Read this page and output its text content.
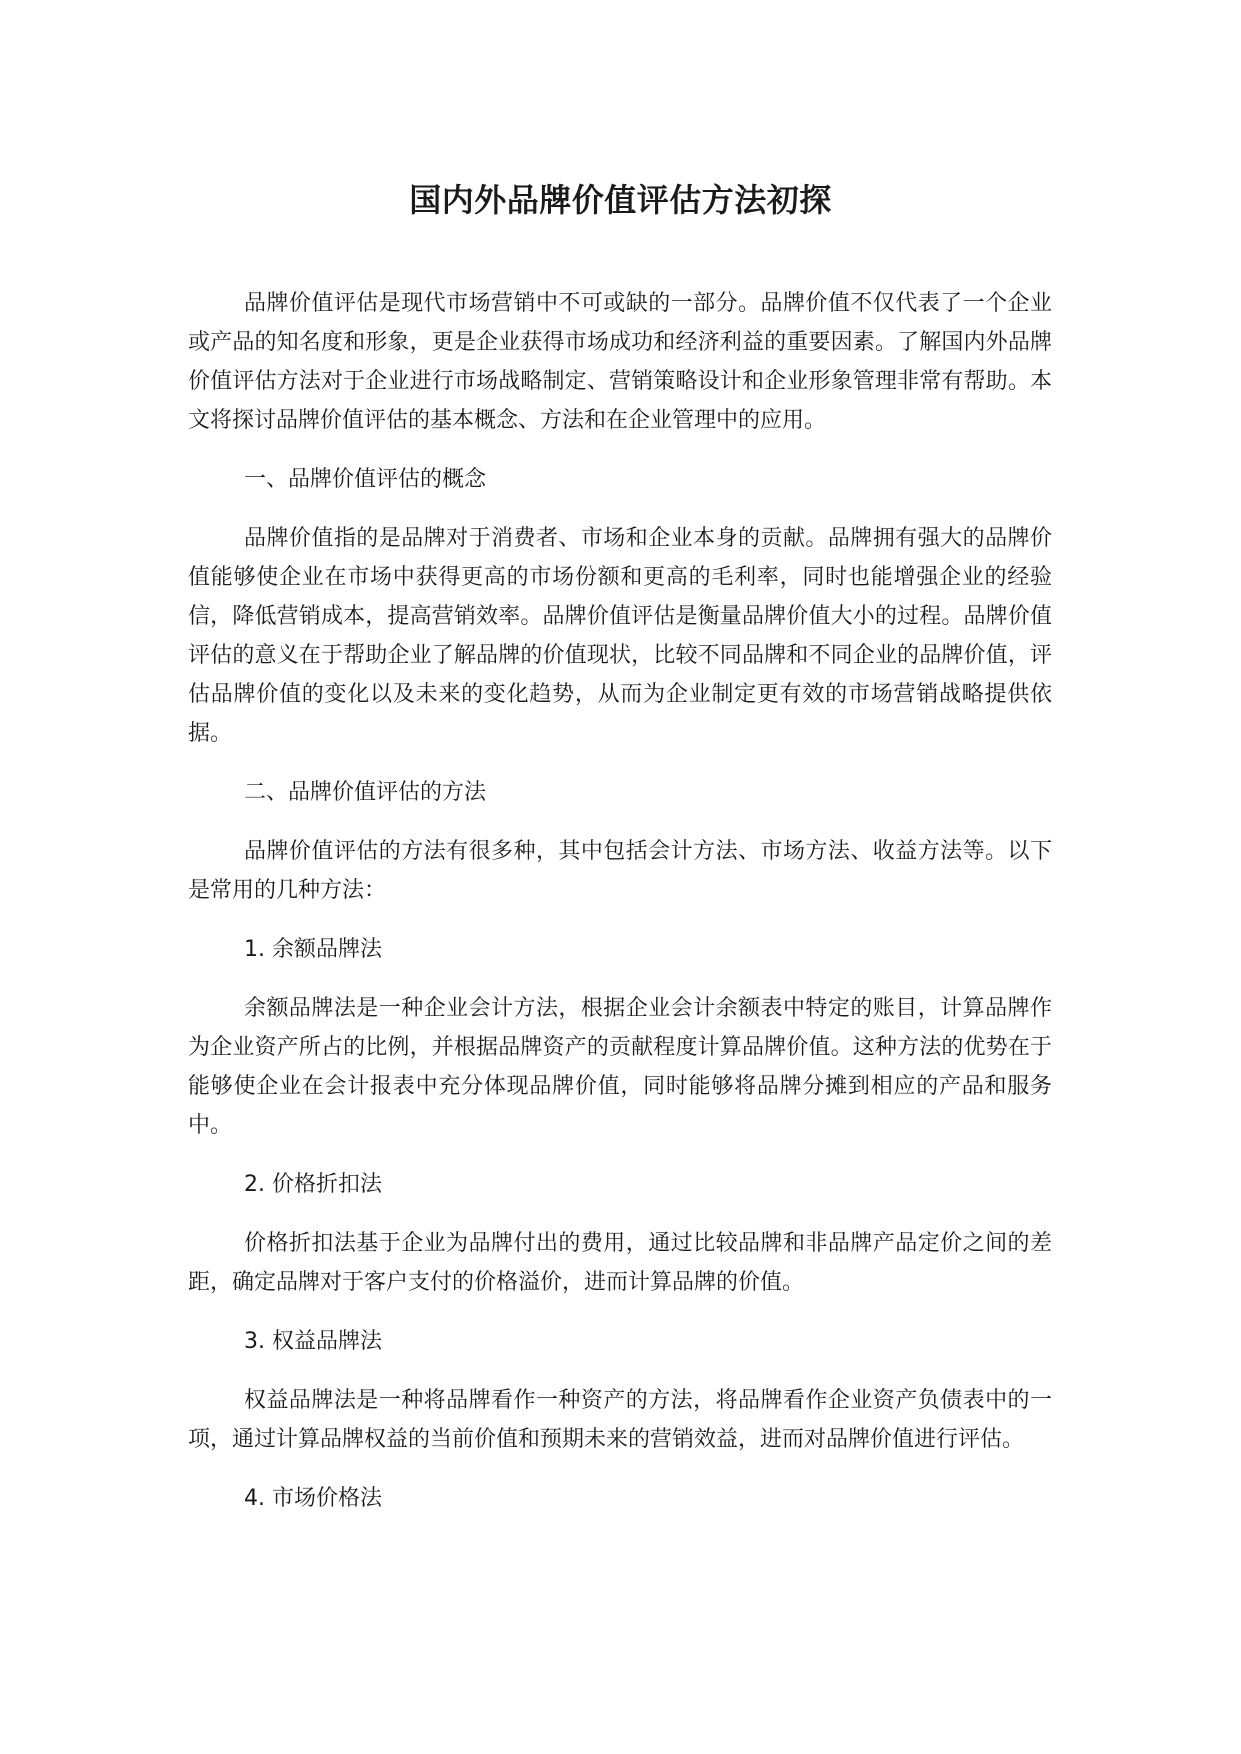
国内外品牌价值评估方法初探

品牌价值评估是现代市场营销中不可或缺的一部分。品牌价值不仅代表了一个企业或产品的知名度和形象，更是企业获得市场成功和经济利益的重要因素。了解国内外品牌价值评估方法对于企业进行市场战略制定、营销策略设计和企业形象管理非常有帮助。本文将探讨品牌价值评估的基本概念、方法和在企业管理中的应用。

一、品牌价值评估的概念

品牌价值指的是品牌对于消费者、市场和企业本身的贡献。品牌拥有强大的品牌价值能够使企业在市场中获得更高的市场份额和更高的毛利率，同时也能增强企业的经验信，降低营销成本，提高营销效率。品牌价值评估是衡量品牌价值大小的过程。品牌价值评估的意义在于帮助企业了解品牌的价值现状，比较不同品牌和不同企业的品牌价值，评估品牌价值的变化以及未来的变化趋势，从而为企业制定更有效的市场营销战略提供依据。

二、品牌价值评估的方法

品牌价值评估的方法有很多种，其中包括会计方法、市场方法、收益方法等。以下是常用的几种方法：

1. 余额品牌法

余额品牌法是一种企业会计方法，根据企业会计余额表中特定的账目，计算品牌作为企业资产所占的比例，并根据品牌资产的贡献程度计算品牌价值。这种方法的优势在于能够使企业在会计报表中充分体现品牌价值，同时能够将品牌分摊到相应的产品和服务中。

2. 价格折扣法

价格折扣法基于企业为品牌付出的费用，通过比较品牌和非品牌产品定价之间的差距，确定品牌对于客户支付的价格溢价，进而计算品牌的价值。

3. 权益品牌法

权益品牌法是一种将品牌看作一种资产的方法，将品牌看作企业资产负债表中的一项，通过计算品牌权益的当前价值和预期未来的营销效益，进而对品牌价值进行评估。

4. 市场价格法
